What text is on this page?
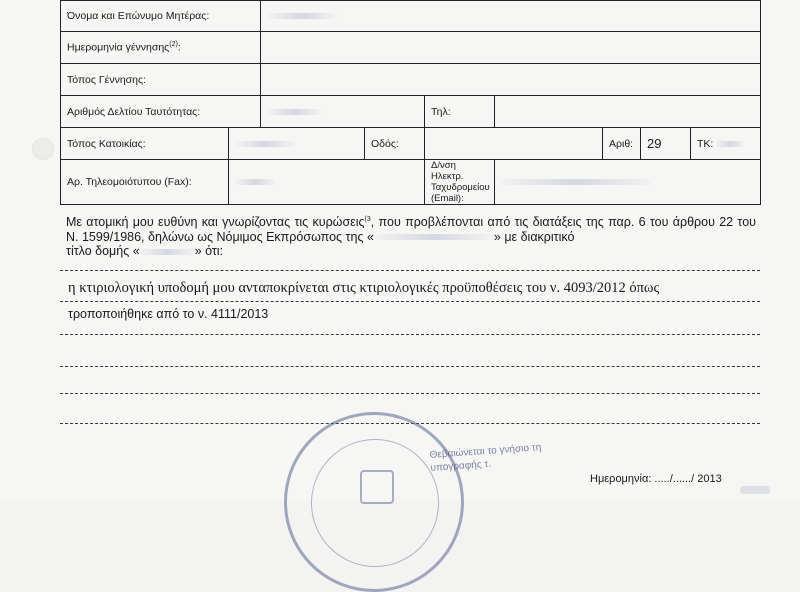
Όνομα και Επώνυμο Μητέρας:								
Ημερομηνία γέννησης$^{(2)}$:								
Τόπος Γέννησης:								
Αριθμός Δελτίου Ταυτότητας:				Τηλ:				
Τόπος Κατοικίας:			Οδός:			Αριθ:	29	ΤΚ:
Αρ. Τηλεομοιότυπου (Fax):				Δ/νση Ηλεκτρ. Ταχυδρομείου (Email):				
Με ατομική μου ευθύνη και γνωρίζοντας τις κυρώσεις$^{(3}$, που προβλέπονται από τις διατάξεις της παρ. 6 του άρθρου 22 του Ν. 1599/1986, δηλώνω ως Νόμιμος Εκπρόσωπος της «	» με διακριτικό
τίτλο δομής «	» ότι:
η κτιριολογική υποδομή μου ανταποκρίνεται στις κτιριολογικές προϋποθέσεις του ν. 4093/2012 όπως
τροποποιήθηκε από το ν. 4111/2013
Θεβαιώνεται το γνήσιο τη
υπογραφής τ.
Ημερομηνία: ...../....../ 2013
